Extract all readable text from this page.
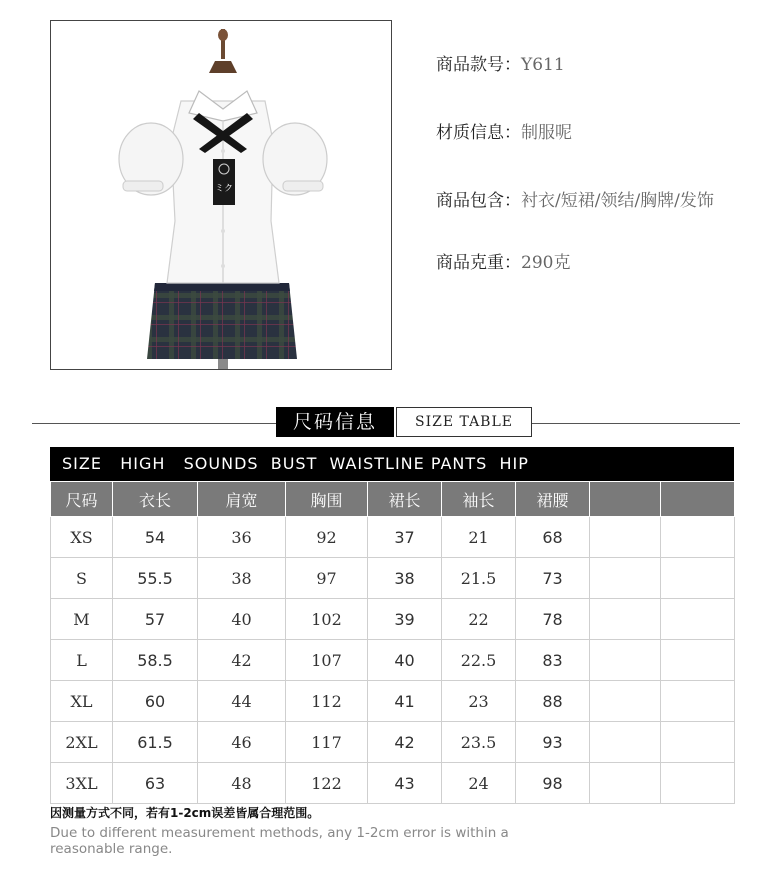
ミク
商品款号：Y611
材质信息：制服呢
商品包含：衬衣/短裙/领结/胸牌/发饰
商品克重：290克
尺码信息	SIZE TABLE
SIZE   HIGH   SOUNDS  BUST  WAISTLINE PANTS  HIP
尺码	衣长	肩宽	胸围	裙长	袖长	裙腰		
XS	54	36	92	37	21	68		
S	55.5	38	97	38	21.5	73		
M	57	40	102	39	22	78		
L	58.5	42	107	40	22.5	83		
XL	60	44	112	41	23	88		
2XL	61.5	46	117	42	23.5	93		
3XL	63	48	122	43	24	98		
因测量方式不同，若有1-2cm误差皆属合理范围。
Due to different measurement methods, any 1-2cm error is within a reasonable range.
